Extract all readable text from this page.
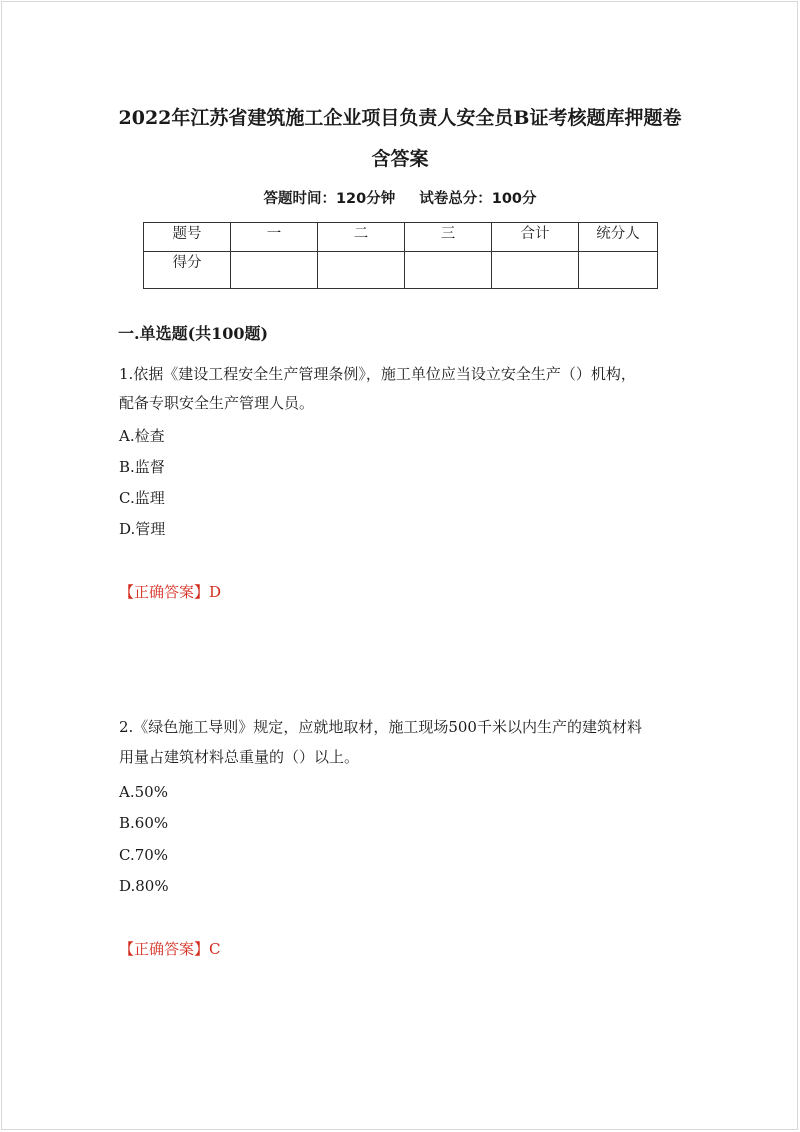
2022年江苏省建筑施工企业项目负责人安全员B证考核题库押题卷
含答案
答题时间：120分钟 试卷总分：100分
题号	一	二	三	合计	统分人
得分					
一.单选题(共100题)
1.依据《建设工程安全生产管理条例》，施工单位应当设立安全生产（）机构，
配备专职安全生产管理人员。
A.检查
B.监督
C.监理
D.管理
【正确答案】D
2.《绿色施工导则》规定，应就地取材，施工现场500千米以内生产的建筑材料
用量占建筑材料总重量的（）以上。
A.50%
B.60%
C.70%
D.80%
【正确答案】C
